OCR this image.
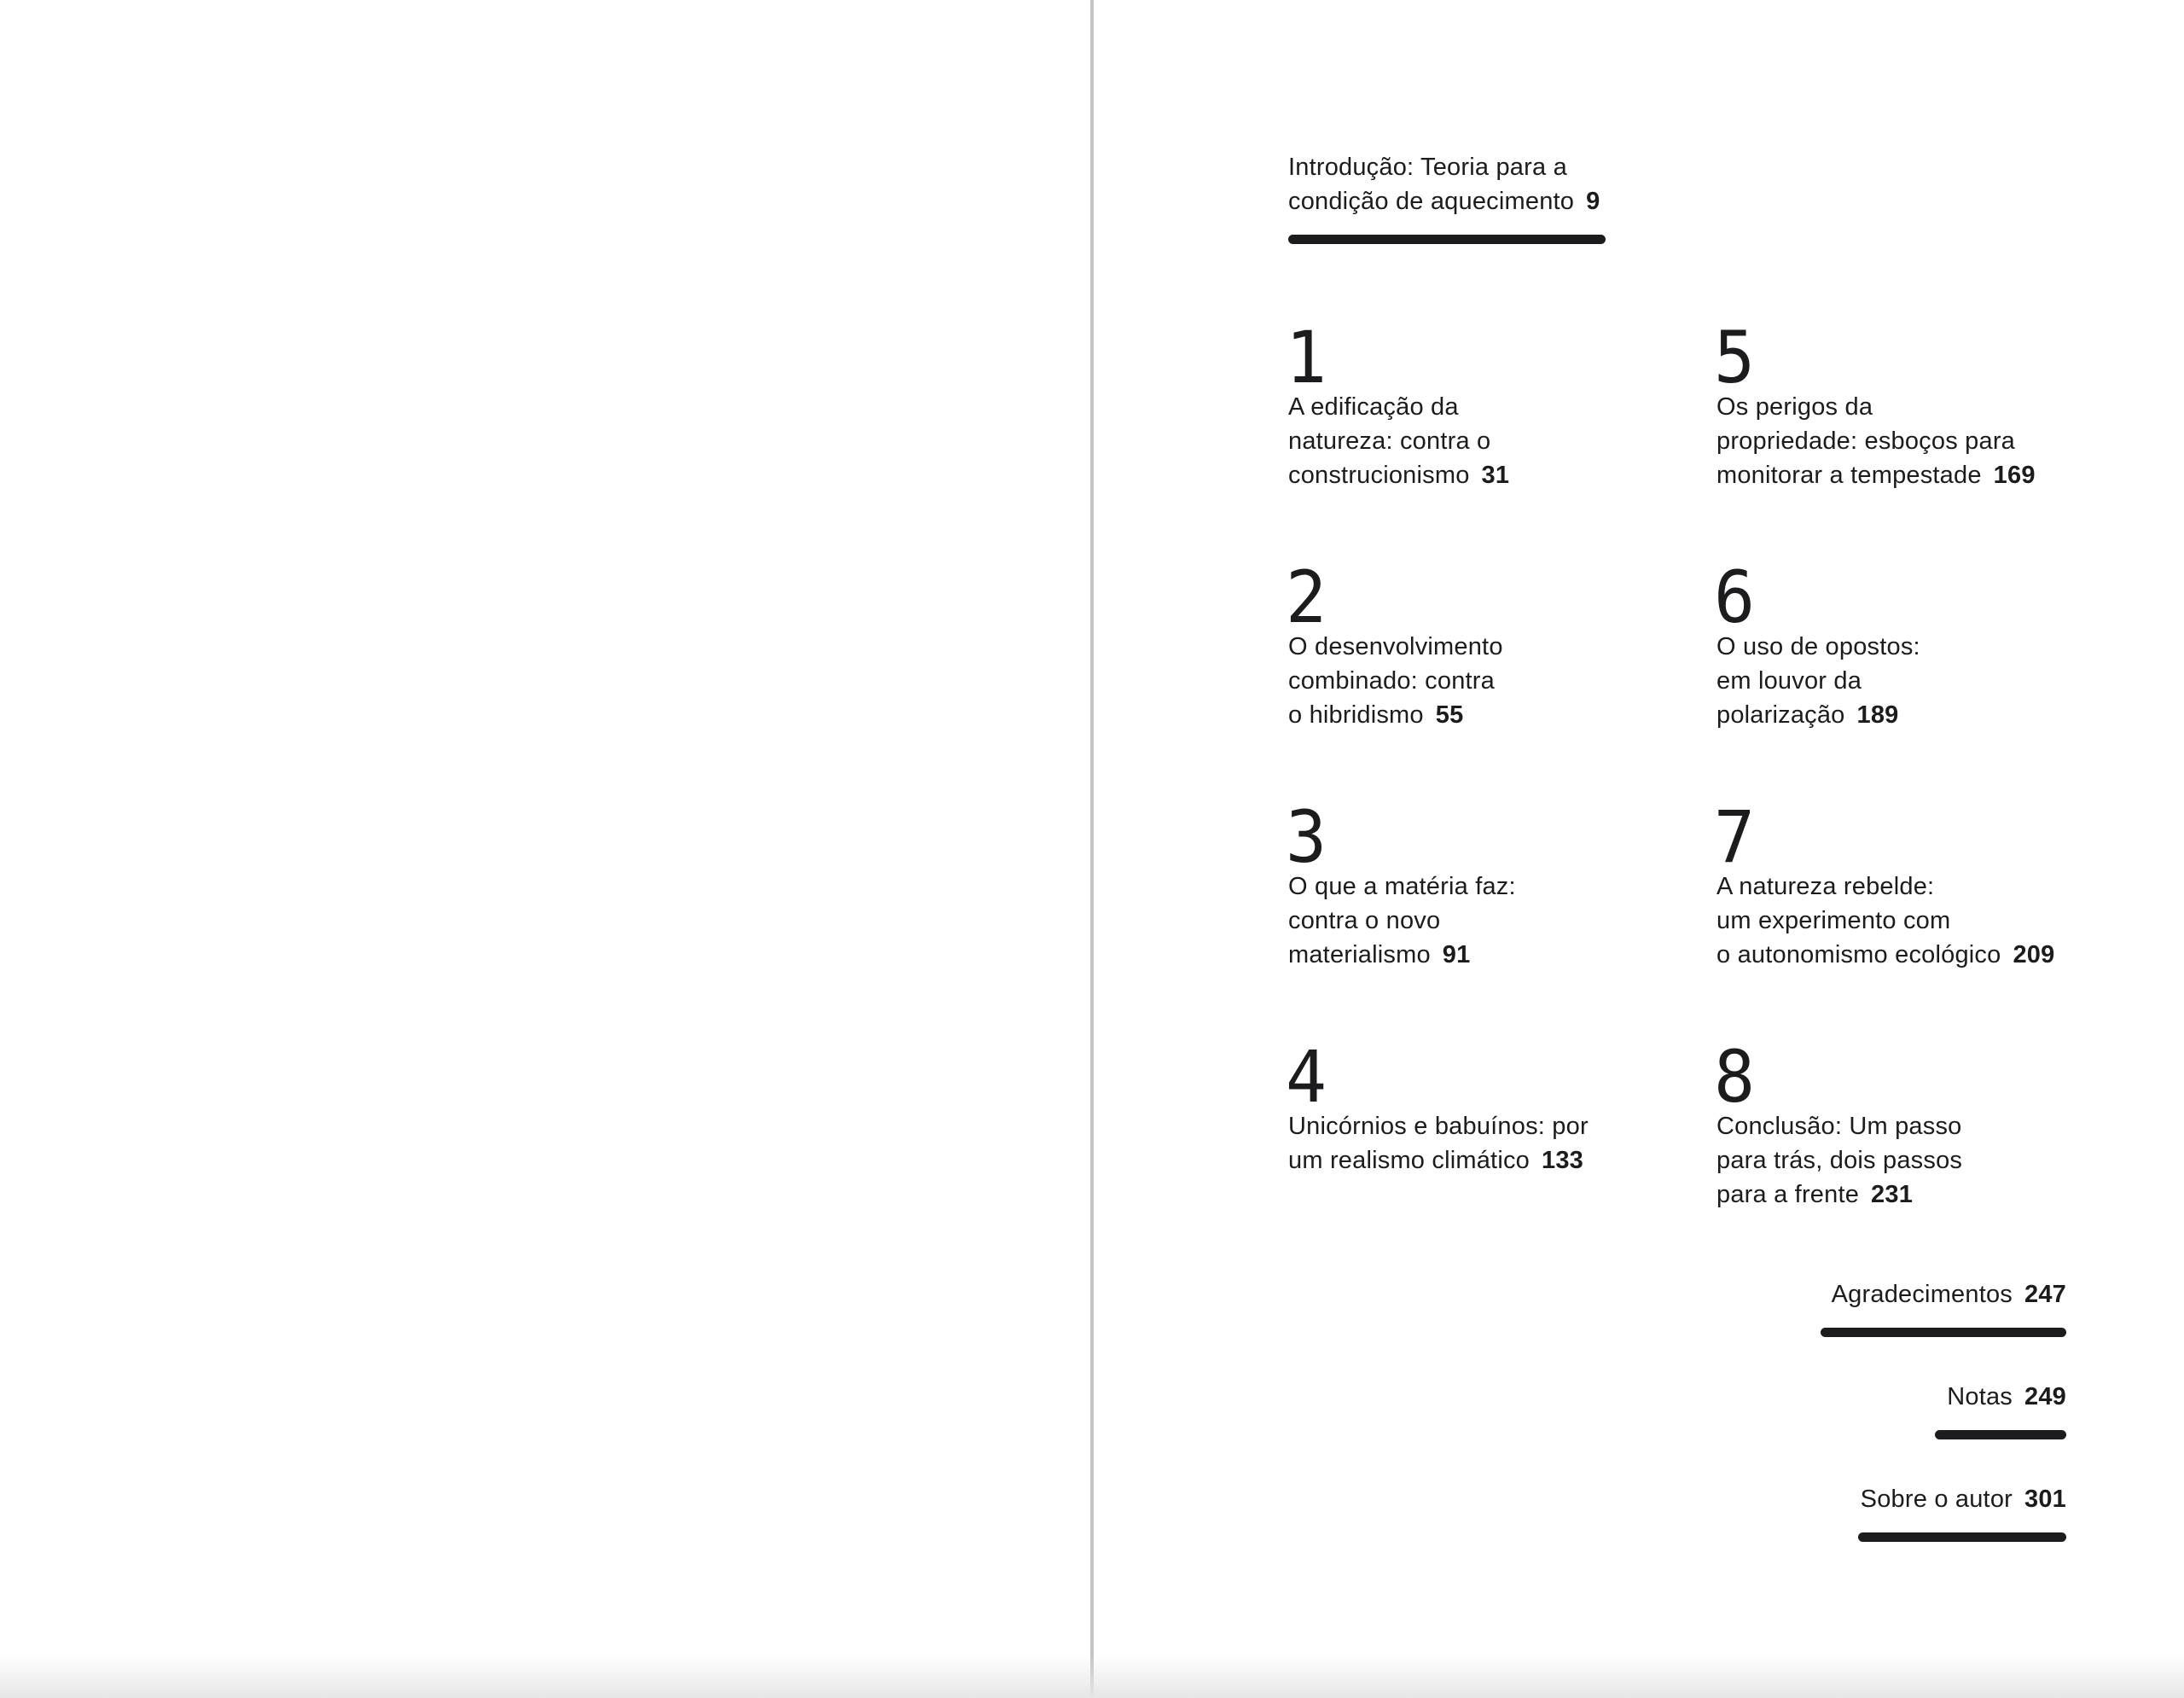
Introdução: Teoria para a
condição de aquecimento 9
1
A edificação da
natureza: contra o
construcionismo 31
2
O desenvolvimento
combinado: contra
o hibridismo 55
3
O que a matéria faz:
contra o novo
materialismo 91
4
Unicórnios e babuínos: por
um realismo climático 133
5
Os perigos da
propriedade: esboços para
monitorar a tempestade 169
6
O uso de opostos:
em louvor da
polarização 189
7
A natureza rebelde:
um experimento com
o autonomismo ecológico 209
8
Conclusão: Um passo
para trás, dois passos
para a frente 231
Agradecimentos 247
Notas 249
Sobre o autor 301
